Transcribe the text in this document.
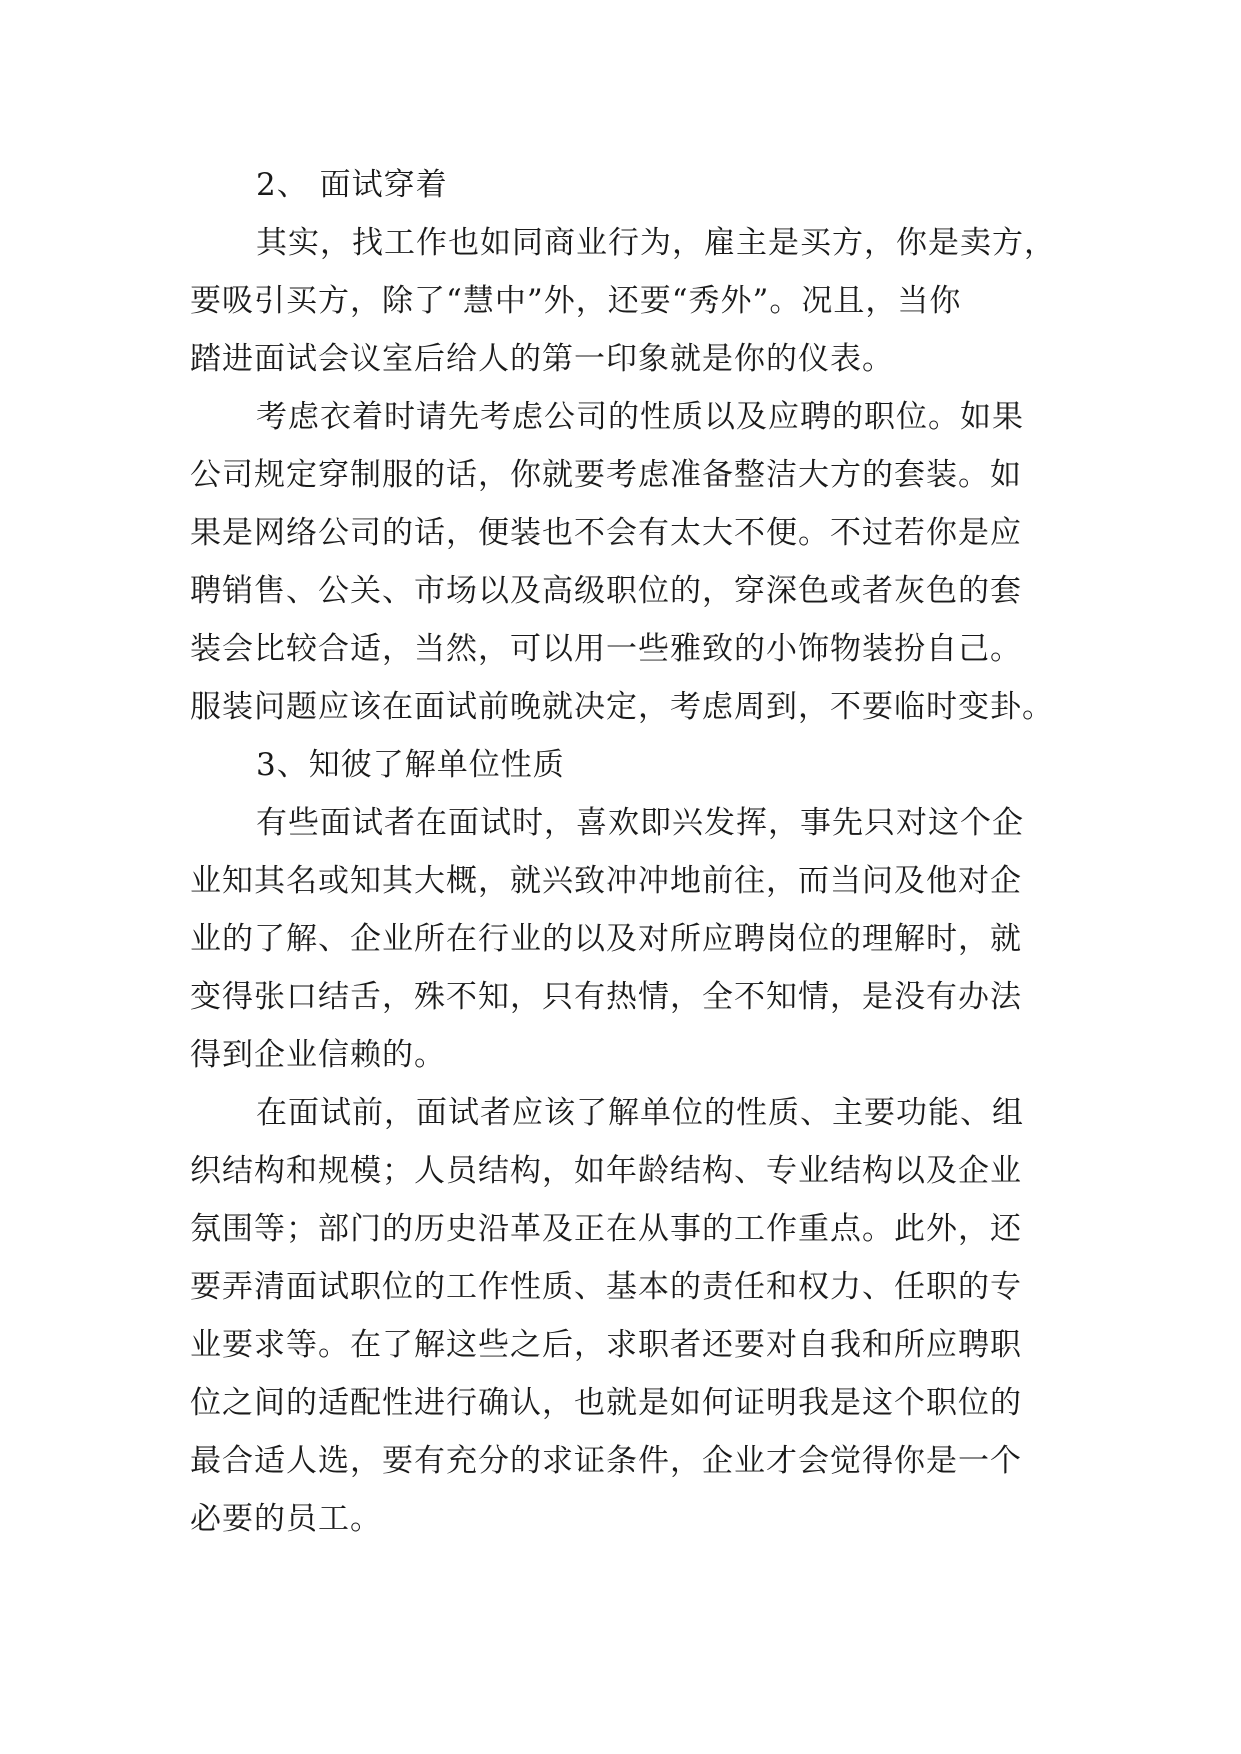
2、 面试穿着
其实，找工作也如同商业行为，雇主是买方，你是卖方，
要吸引买方，除了“慧中”外，还要“秀外”。况且，当你
踏进面试会议室后给人的第一印象就是你的仪表。
考虑衣着时请先考虑公司的性质以及应聘的职位。如果
公司规定穿制服的话，你就要考虑准备整洁大方的套装。如
果是网络公司的话，便装也不会有太大不便。不过若你是应
聘销售、公关、市场以及高级职位的，穿深色或者灰色的套
装会比较合适，当然，可以用一些雅致的小饰物装扮自己。
服装问题应该在面试前晚就决定，考虑周到，不要临时变卦。
3、知彼了解单位性质
有些面试者在面试时，喜欢即兴发挥，事先只对这个企
业知其名或知其大概，就兴致冲冲地前往，而当问及他对企
业的了解、企业所在行业的以及对所应聘岗位的理解时，就
变得张口结舌，殊不知，只有热情，全不知情，是没有办法
得到企业信赖的。
在面试前，面试者应该了解单位的性质、主要功能、组
织结构和规模；人员结构，如年龄结构、专业结构以及企业
氛围等；部门的历史沿革及正在从事的工作重点。此外，还
要弄清面试职位的工作性质、基本的责任和权力、任职的专
业要求等。在了解这些之后，求职者还要对自我和所应聘职
位之间的适配性进行确认，也就是如何证明我是这个职位的
最合适人选，要有充分的求证条件，企业才会觉得你是一个
必要的员工。
